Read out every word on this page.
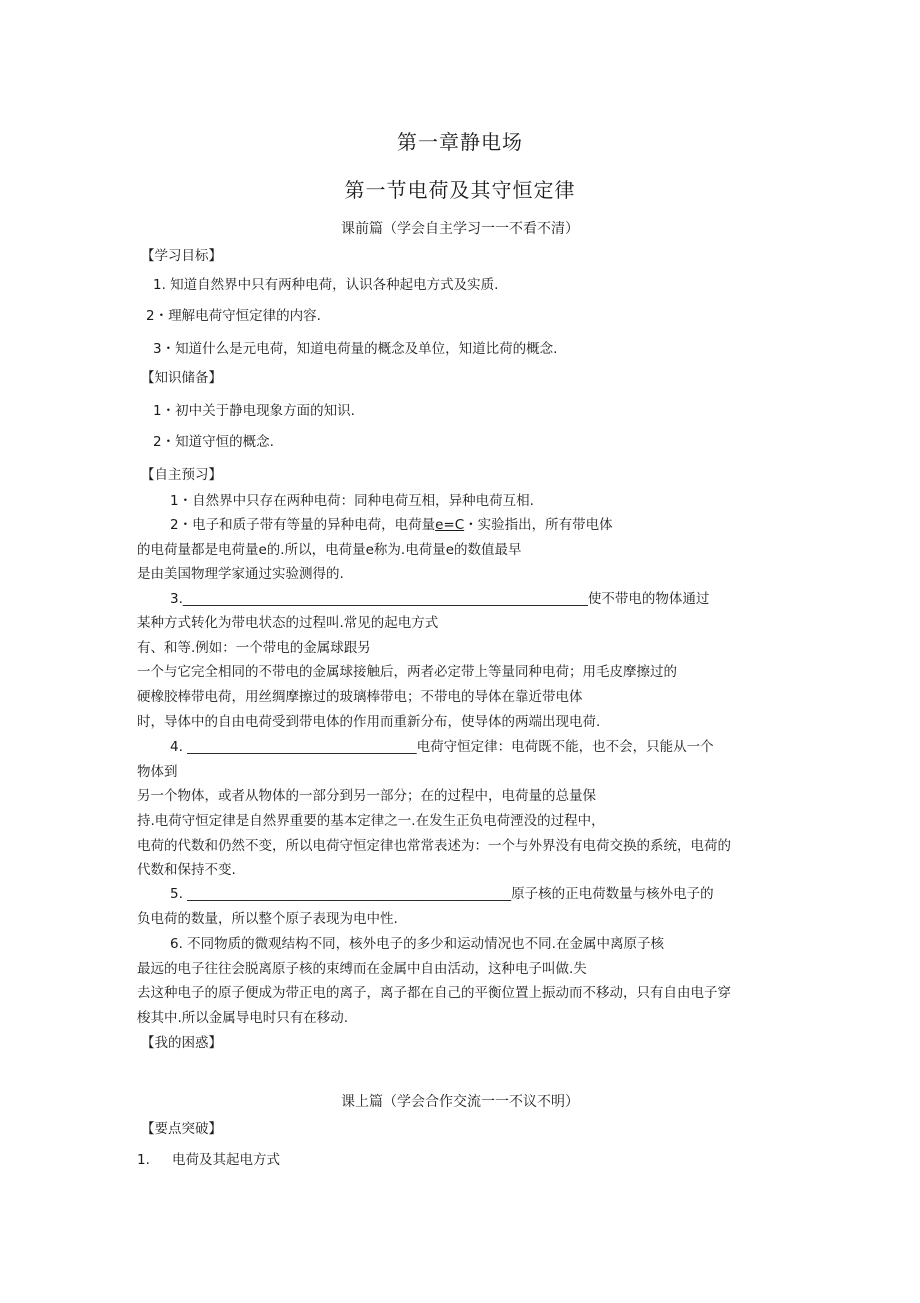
第一章静电场
第一节电荷及其守恒定律
课前篇（学会自主学习一一不看不清）
【学习目标】
1. 知道自然界中只有两种电荷，认识各种起电方式及实质.
2・理解电荷守恒定律的内容.
3・知道什么是元电荷，知道电荷量的概念及单位，知道比荷的概念.
【知识储备】
1・初中关于静电现象方面的知识.
2・知道守恒的概念.
【自主预习】
1・自然界中只存在两种电荷：同种电荷互相，异种电荷互相.
2・电子和质子带有等量的异种电荷，电荷量e=C・实验指出，所有带电体
的电荷量都是电荷量e的.所以，电荷量e称为.电荷量e的数值最早
是由美国物理学家通过实验测得的.
3.____________________________________________________________使不带电的物体通过
某种方式转化为带电状态的过程叫.常见的起电方式
有、和等.例如：一个带电的金属球跟另
一个与它完全相同的不带电的金属球接触后，两者必定带上等量同种电荷；用毛皮摩擦过的
硬橡胶棒带电荷，用丝绸摩擦过的玻璃棒带电；不带电的导体在靠近带电体
时，导体中的自由电荷受到带电体的作用而重新分布，使导体的两端出现电荷.
4. __________________________________电荷守恒定律：电荷既不能，也不会，只能从一个
物体到
另一个物体，或者从物体的一部分到另一部分；在的过程中，电荷量的总量保
持.电荷守恒定律是自然界重要的基本定律之一.在发生正负电荷湮没的过程中，
电荷的代数和仍然不变，所以电荷守恒定律也常常表述为：一个与外界没有电荷交换的系统，电荷的
代数和保持不变.
5. ________________________________________________原子核的正电荷数量与核外电子的
负电荷的数量，所以整个原子表现为电中性.
6. 不同物质的微观结构不同，核外电子的多少和运动情况也不同.在金属中离原子核
最远的电子往往会脱离原子核的束缚而在金属中自由活动，这种电子叫做.失
去这种电子的原子便成为带正电的离子，离子都在自己的平衡位置上振动而不移动，只有自由电子穿
梭其中.所以金属导电时只有在移动.
【我的困惑】
课上篇（学会合作交流一一不议不明）
【要点突破】
1. 电荷及其起电方式
